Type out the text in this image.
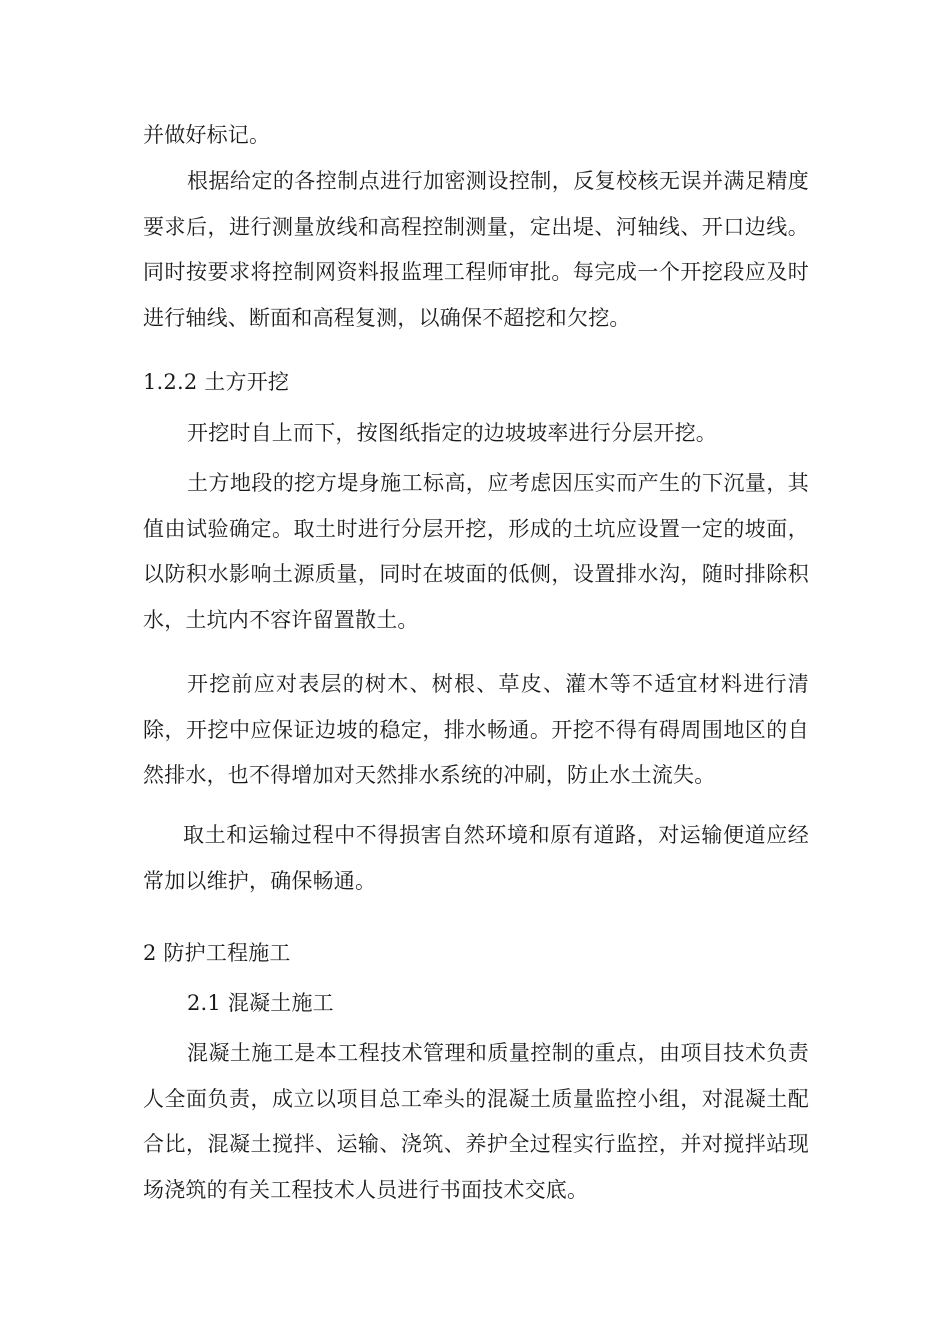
并做好标记。

根据给定的各控制点进行加密测设控制，反复校核无误并满足精度要求后，进行测量放线和高程控制测量，定出堤、河轴线、开口边线。同时按要求将控制网资料报监理工程师审批。每完成一个开挖段应及时进行轴线、断面和高程复测，以确保不超挖和欠挖。

1.2.2 土方开挖

开挖时自上而下，按图纸指定的边坡坡率进行分层开挖。

土方地段的挖方堤身施工标高，应考虑因压实而产生的下沉量，其值由试验确定。取土时进行分层开挖，形成的土坑应设置一定的坡面，以防积水影响土源质量，同时在坡面的低侧，设置排水沟，随时排除积水，土坑内不容许留置散土。

开挖前应对表层的树木、树根、草皮、灌木等不适宜材料进行清除，开挖中应保证边坡的稳定，排水畅通。开挖不得有碍周围地区的自然排水，也不得增加对天然排水系统的冲刷，防止水土流失。

取土和运输过程中不得损害自然环境和原有道路，对运输便道应经常加以维护，确保畅通。

2 防护工程施工

2.1 混凝土施工

混凝土施工是本工程技术管理和质量控制的重点，由项目技术负责人全面负责，成立以项目总工牵头的混凝土质量监控小组，对混凝土配合比，混凝土搅拌、运输、浇筑、养护全过程实行监控，并对搅拌站现场浇筑的有关工程技术人员进行书面技术交底。
